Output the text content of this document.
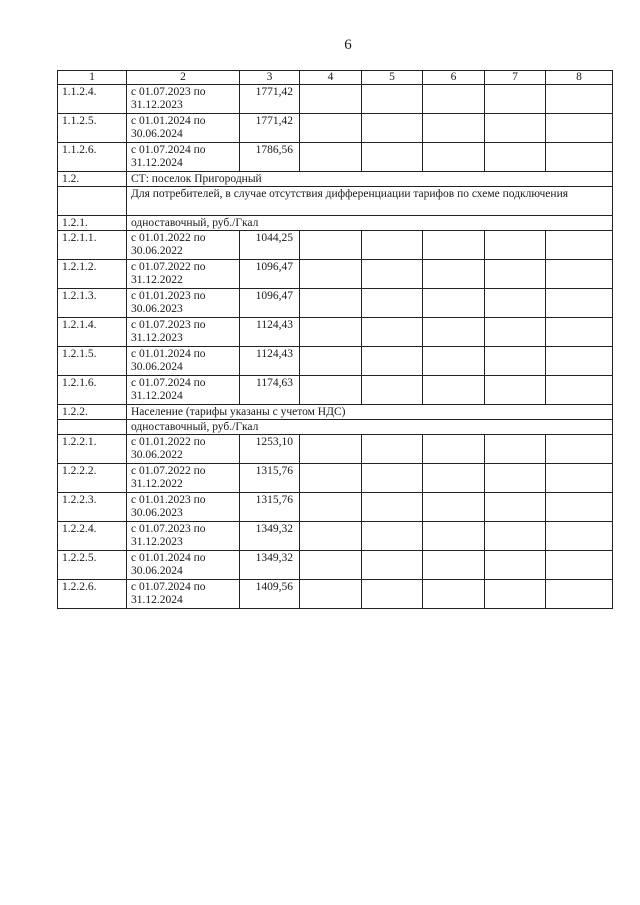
6
1	2	3	4	5	6	7	8
1.1.2.4.	с 01.07.2023 по 31.12.2023	1771,42					
1.1.2.5.	с 01.01.2024 по 30.06.2024	1771,42					
1.1.2.6.	с 01.07.2024 по 31.12.2024	1786,56					
1.2.	СТ: поселок Пригородный						
	Для потребителей, в случае отсутствия дифференциации тарифов по схеме подключения						
1.2.1.	одноставочный, руб./Гкал						
1.2.1.1.	с 01.01.2022 по 30.06.2022	1044,25					
1.2.1.2.	с 01.07.2022 по 31.12.2022	1096,47					
1.2.1.3.	с 01.01.2023 по 30.06.2023	1096,47					
1.2.1.4.	с 01.07.2023 по 31.12.2023	1124,43					
1.2.1.5.	с 01.01.2024 по 30.06.2024	1124,43					
1.2.1.6.	с 01.07.2024 по 31.12.2024	1174,63					
1.2.2.	Население (тарифы указаны с учетом НДС)						
	одноставочный, руб./Гкал						
1.2.2.1.	с 01.01.2022 по 30.06.2022	1253,10					
1.2.2.2.	с 01.07.2022 по 31.12.2022	1315,76					
1.2.2.3.	с 01.01.2023 по 30.06.2023	1315,76					
1.2.2.4.	с 01.07.2023 по 31.12.2023	1349,32					
1.2.2.5.	с 01.01.2024 по 30.06.2024	1349,32					
1.2.2.6.	с 01.07.2024 по 31.12.2024	1409,56					
